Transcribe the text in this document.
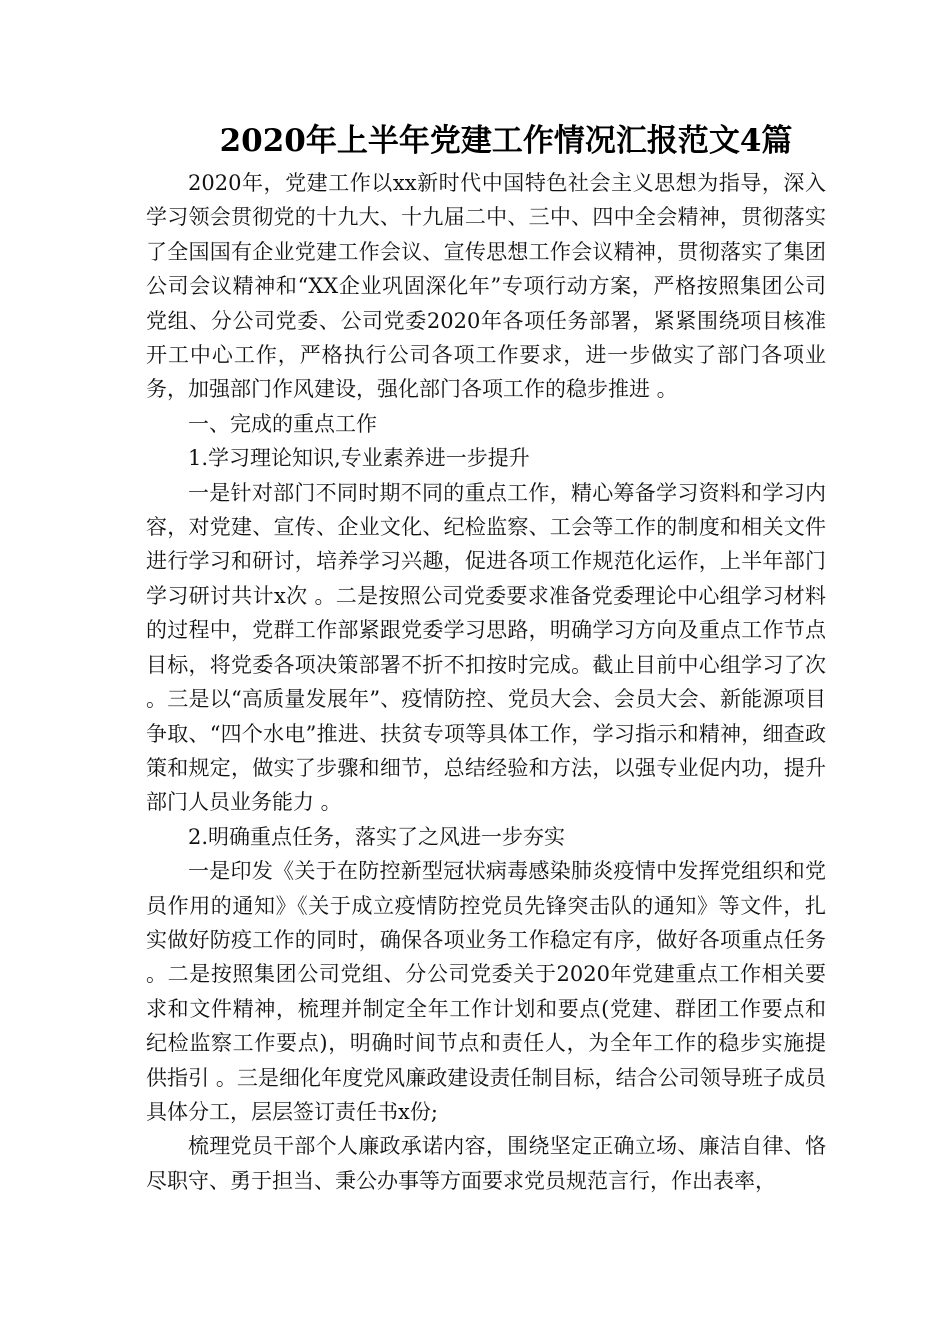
2020年上半年党建工作情况汇报范文4篇

2020年，党建工作以xx新时代中国特色社会主义思想为指导，深入学习领会贯彻党的十九大、十九届二中、三中、四中全会精神，贯彻落实了全国国有企业党建工作会议、宣传思想工作会议精神，贯彻落实了集团公司会议精神和“XX企业巩固深化年”专项行动方案，严格按照集团公司党组、分公司党委、公司党委2020年各项任务部署，紧紧围绕项目核准开工中心工作，严格执行公司各项工作要求，进一步做实了部门各项业务，加强部门作风建设，强化部门各项工作的稳步推进 。

一、完成的重点工作

1.学习理论知识,专业素养进一步提升

一是针对部门不同时期不同的重点工作，精心筹备学习资料和学习内容，对党建、宣传、企业文化、纪检监察、工会等工作的制度和相关文件进行学习和研讨，培养学习兴趣，促进各项工作规范化运作，上半年部门学习研讨共计x次 。二是按照公司党委要求准备党委理论中心组学习材料的过程中，党群工作部紧跟党委学习思路，明确学习方向及重点工作节点目标，将党委各项决策部署不折不扣按时完成。截止目前中心组学习了次 。三是以“高质量发展年”、疫情防控、党员大会、会员大会、新能源项目争取、“四个水电”推进、扶贫专项等具体工作，学习指示和精神，细查政策和规定，做实了步骤和细节，总结经验和方法，以强专业促内功，提升部门人员业务能力 。

2.明确重点任务，落实了之风进一步夯实

一是印发《关于在防控新型冠状病毒感染肺炎疫情中发挥党组织和党员作用的通知》《关于成立疫情防控党员先锋突击队的通知》等文件，扎实做好防疫工作的同时，确保各项业务工作稳定有序，做好各项重点任务 。二是按照集团公司党组、分公司党委关于2020年党建重点工作相关要求和文件精神，梳理并制定全年工作计划和要点(党建、群团工作要点和纪检监察工作要点)，明确时间节点和责任人，为全年工作的稳步实施提供指引 。三是细化年度党风廉政建设责任制目标，结合公司领导班子成员具体分工，层层签订责任书x份;

梳理党员干部个人廉政承诺内容，围绕坚定正确立场、廉洁自律、恪尽职守、勇于担当、秉公办事等方面要求党员规范言行，作出表率，
